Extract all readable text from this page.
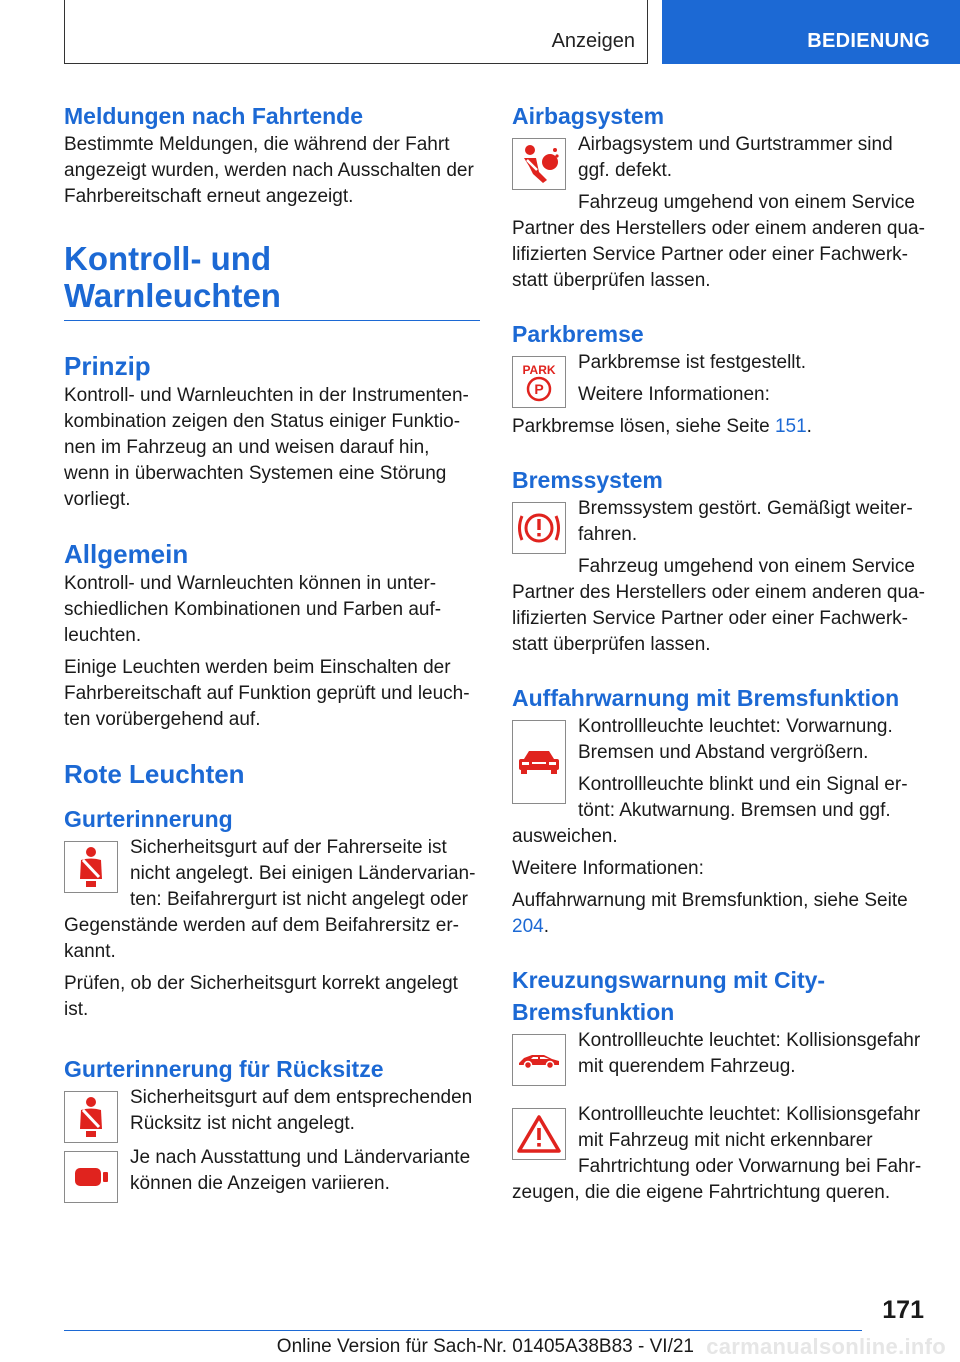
Anzeigen	BEDIENUNG
Meldungen nach Fahrtende

Bestimmte Meldungen, die während der Fahrt angezeigt wurden, werden nach Ausschalten der Fahrbereitschaft erneut angezeigt.

Kontroll- und
Warnleuchten
Prinzip

Kontroll- und Warnleuchten in der Instrumentenkombination zeigen den Status einiger Funktionen im Fahrzeug an und weisen darauf hin, wenn in überwachten Systemen eine Störung vorliegt.

Allgemein

Kontroll- und Warnleuchten können in unterschiedlichen Kombinationen und Farben aufleuchten.

Einige Leuchten werden beim Einschalten der Fahrbereitschaft auf Funktion geprüft und leuchten vorübergehend auf.

Rote Leuchten
Gurterinnerung

Sicherheitsgurt auf der Fahrerseite ist nicht angelegt. Bei einigen Ländervarianten: Beifahrergurt ist nicht angelegt oder Gegenstände werden auf dem Beifahrersitz erkannt.

Prüfen, ob der Sicherheitsgurt korrekt angelegt ist.

Gurterinnerung für Rücksitze

Sicherheitsgurt auf dem entsprechenden Rücksitz ist nicht angelegt.

Je nach Ausstattung und Ländervariante können die Anzeigen variieren.

Airbagsystem

Airbagsystem und Gurtstrammer sind ggf. defekt.

Fahrzeug umgehend von einem Service Partner des Herstellers oder einem anderen qualifizierten Service Partner oder einer Fachwerkstatt überprüfen lassen.

Parkbremse
PARK
P

Parkbremse ist festgestellt.

Weitere Informationen:

Parkbremse lösen, siehe Seite 151.

Bremssystem

Bremssystem gestört. Gemäßigt weiterfahren.

Fahrzeug umgehend von einem Service Partner des Herstellers oder einem anderen qualifizierten Service Partner oder einer Fachwerkstatt überprüfen lassen.

Auffahrwarnung mit Bremsfunktion

Kontrollleuchte leuchtet: Vorwarnung. Bremsen und Abstand vergrößern.

Kontrollleuchte blinkt und ein Signal ertönt: Akutwarnung. Bremsen und ggf. ausweichen.

Weitere Informationen:

Auffahrwarnung mit Bremsfunktion, siehe Seite 204.

Kreuzungswarnung mit City-
Bremsfunktion

Kontrollleuchte leuchtet: Kollisionsgefahr mit querendem Fahrzeug.

Kontrollleuchte leuchtet: Kollisionsgefahr mit Fahrzeug mit nicht erkennbarer Fahrtrichtung oder Vorwarnung bei Fahrzeugen, die die eigene Fahrtrichtung queren.

171
Online Version für Sach-Nr. 01405A38B83 - VI/21 carmanualsonline.info
